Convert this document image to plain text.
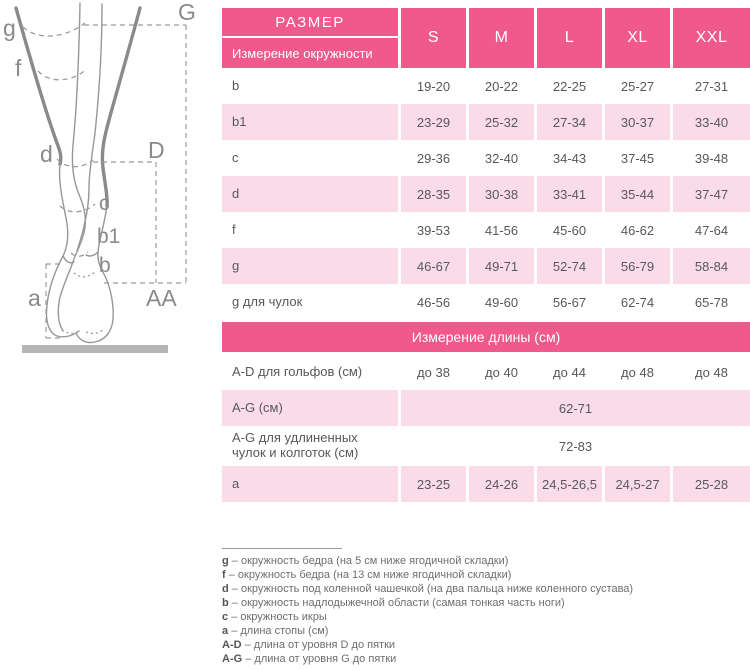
g
G
f
d	D
c
b1
b
a	AA
РАЗМЕР
Измерение окружности
S	M	L	XL	XXL
b	19-20	20-22	22-25	25-27	27-31
b1	23-29	25-32	27-34	30-37	33-40
c	29-36	32-40	34-43	37-45	39-48
d	28-35	30-38	33-41	35-44	37-47
f	39-53	41-56	45-60	46-62	47-64
g	46-67	49-71	52-74	56-79	58-84
g для чулок	46-56	49-60	56-67	62-74	65-78
Измерение длины (см)
A-D для гольфов (см)	до 38	до 40	до 44	до 48	до 48
A-G (см)	62-71
A-G для удлиненных чулок и колготок (см)	72-83
a	23-25	24-26	24,5-26,5	24,5-27	25-28
g – окружность бедра (на 5 см ниже ягодичной складки)
f – окружность бедра (на 13 см ниже ягодичной складки)
d – окружность под коленной чашечкой (на два пальца ниже коленного сустава)
b – окружность надлодыжечной области (самая тонкая часть ноги)
c – окружность икры
a – длина стопы (см)
A-D – длина от уровня D до пятки
A-G – длина от уровня G до пятки
